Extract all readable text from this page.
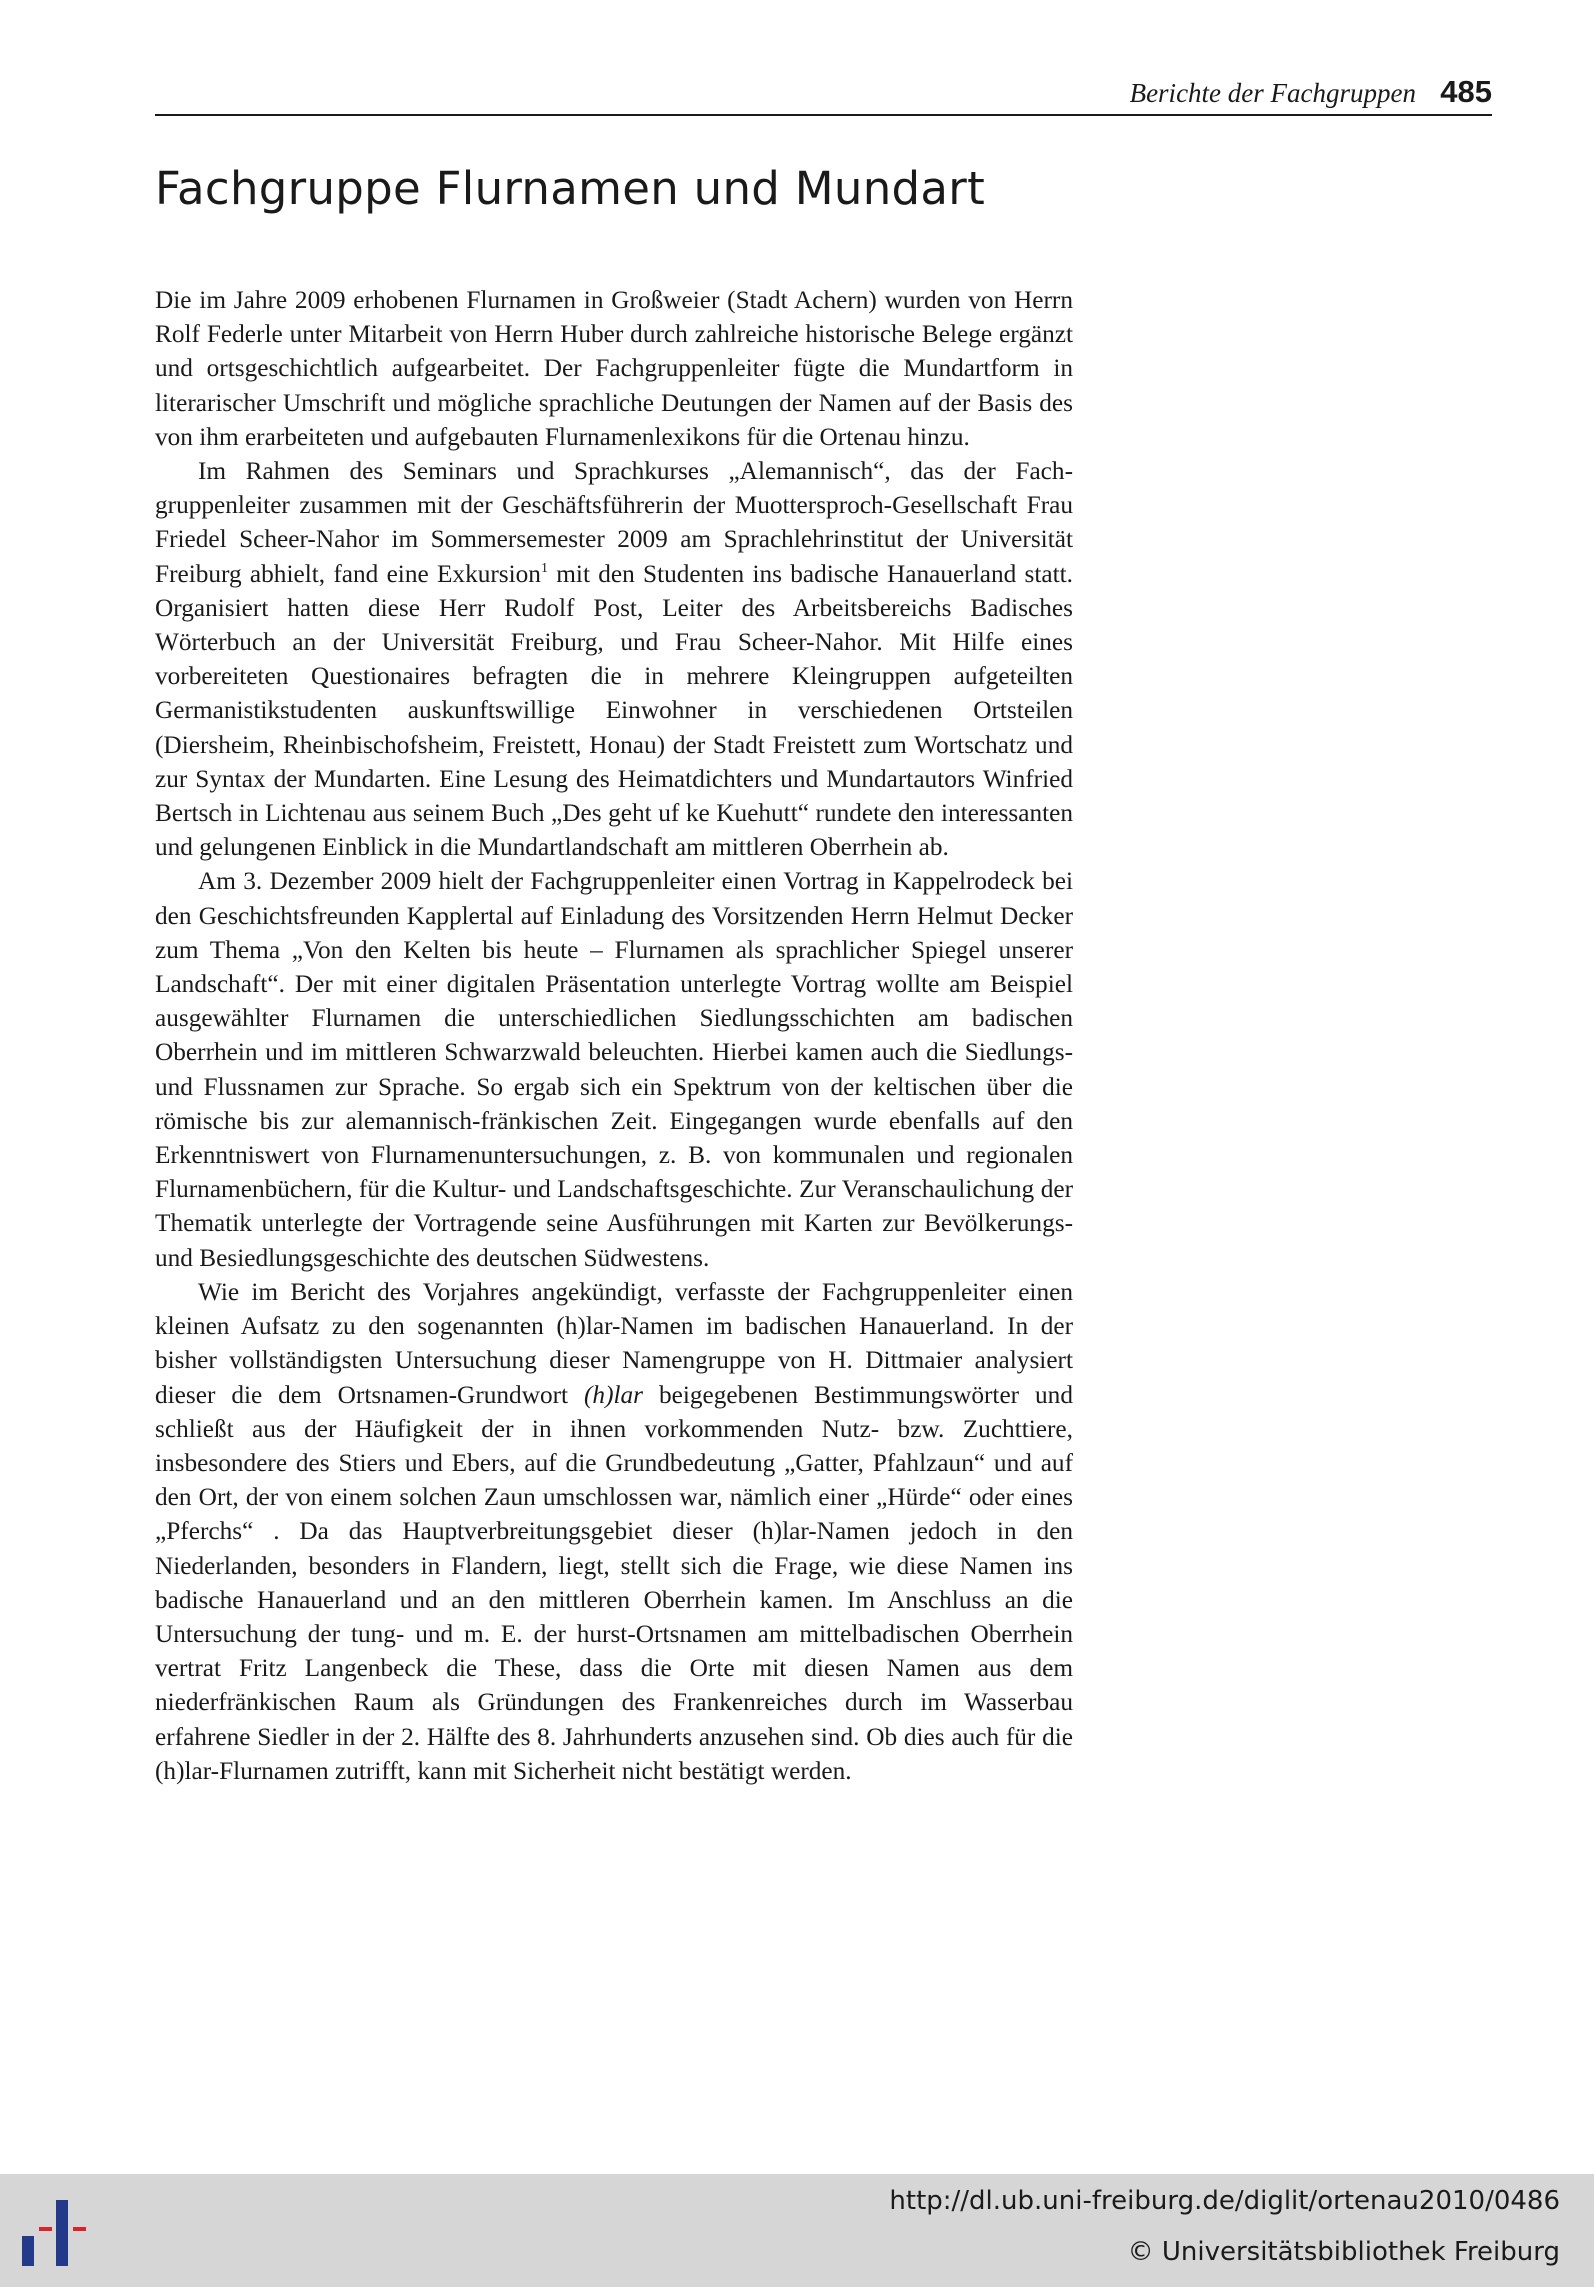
Berichte der Fachgruppen 485
Fachgruppe Flurnamen und Mundart

Die im Jahre 2009 erhobenen Flurnamen in Großweier (Stadt Achern) wurden von Herrn Rolf Federle unter Mitarbeit von Herrn Huber durch zahlreiche historische Belege ergänzt und ortsgeschichtlich aufgearbeitet. Der Fachgruppenleiter fügte die Mundartform in literarischer Umschrift und mögliche sprachliche Deutungen der Namen auf der Basis des von ihm erarbeiteten und aufgebauten Flurnamenlexikons für die Ortenau hinzu.

Im Rahmen des Seminars und Sprachkurses „Alemannisch“, das der Fachgruppenleiter zusammen mit der Geschäftsführerin der Muottersproch-Gesellschaft Frau Friedel Scheer-Nahor im Sommersemester 2009 am Sprachlehrinstitut der Universität Freiburg abhielt, fand eine Exkursion$^1$ mit den Studenten ins badische Hanauerland statt. Organisiert hatten diese Herr Rudolf Post, Leiter des Arbeitsbereichs Badisches Wörterbuch an der Universität Freiburg, und Frau Scheer-Nahor. Mit Hilfe eines vorbereiteten Questionaires befragten die in mehrere Kleingruppen aufgeteilten Germanistikstudenten auskunftswillige Einwohner in verschiedenen Ortsteilen (Diersheim, Rheinbischofsheim, Freistett, Honau) der Stadt Freistett zum Wortschatz und zur Syntax der Mundarten. Eine Lesung des Heimatdichters und Mundartautors Winfried Bertsch in Lichtenau aus seinem Buch „Des geht uf ke Kuehutt“ rundete den interessanten und gelungenen Einblick in die Mundartlandschaft am mittleren Oberrhein ab.

Am 3. Dezember 2009 hielt der Fachgruppenleiter einen Vortrag in Kappelrodeck bei den Geschichtsfreunden Kapplertal auf Einladung des Vorsitzenden Herrn Helmut Decker zum Thema „Von den Kelten bis heute – Flurnamen als sprachlicher Spiegel unserer Landschaft“. Der mit einer digitalen Präsentation unterlegte Vortrag wollte am Beispiel ausgewählter Flurnamen die unterschiedlichen Siedlungsschichten am badischen Oberrhein und im mittleren Schwarzwald beleuchten. Hierbei kamen auch die Siedlungs- und Flussnamen zur Sprache. So ergab sich ein Spektrum von der keltischen über die römische bis zur alemannisch-fränkischen Zeit. Eingegangen wurde ebenfalls auf den Erkenntniswert von Flurnamenuntersuchungen, z. B. von kommunalen und regionalen Flurnamenbüchern, für die Kultur- und Landschaftsgeschichte. Zur Veranschaulichung der Thematik unterlegte der Vortragende seine Ausführungen mit Karten zur Bevölkerungs- und Besiedlungsgeschichte des deutschen Südwestens.

Wie im Bericht des Vorjahres angekündigt, verfasste der Fachgruppenleiter einen kleinen Aufsatz zu den sogenannten (h)lar-Namen im badischen Hanauerland. In der bisher vollständigsten Untersuchung dieser Namengruppe von H. Dittmaier analysiert dieser die dem Ortsnamen-Grundwort (h)lar beigegebenen Bestimmungswörter und schließt aus der Häufigkeit der in ihnen vorkommenden Nutz- bzw. Zuchttiere, insbesondere des Stiers und Ebers, auf die Grundbedeutung „Gatter, Pfahlzaun“ und auf den Ort, der von einem solchen Zaun umschlossen war, nämlich einer „Hürde“ oder eines „Pferchs“ . Da das Hauptverbreitungsgebiet dieser (h)lar-Namen jedoch in den Niederlanden, besonders in Flandern, liegt, stellt sich die Frage, wie diese Namen ins badische Hanauerland und an den mittleren Oberrhein kamen. Im Anschluss an die Untersuchung der tung- und m. E. der hurst-Ortsnamen am mittelbadischen Oberrhein vertrat Fritz Langenbeck die These, dass die Orte mit diesen Namen aus dem niederfränkischen Raum als Gründungen des Frankenreiches durch im Wasserbau erfahrene Siedler in der 2. Hälfte des 8. Jahrhunderts anzusehen sind. Ob dies auch für die (h)lar-Flurnamen zutrifft, kann mit Sicherheit nicht bestätigt werden.

http://dl.ub.uni-freiburg.de/diglit/ortenau2010/0486
© Universitätsbibliothek Freiburg
